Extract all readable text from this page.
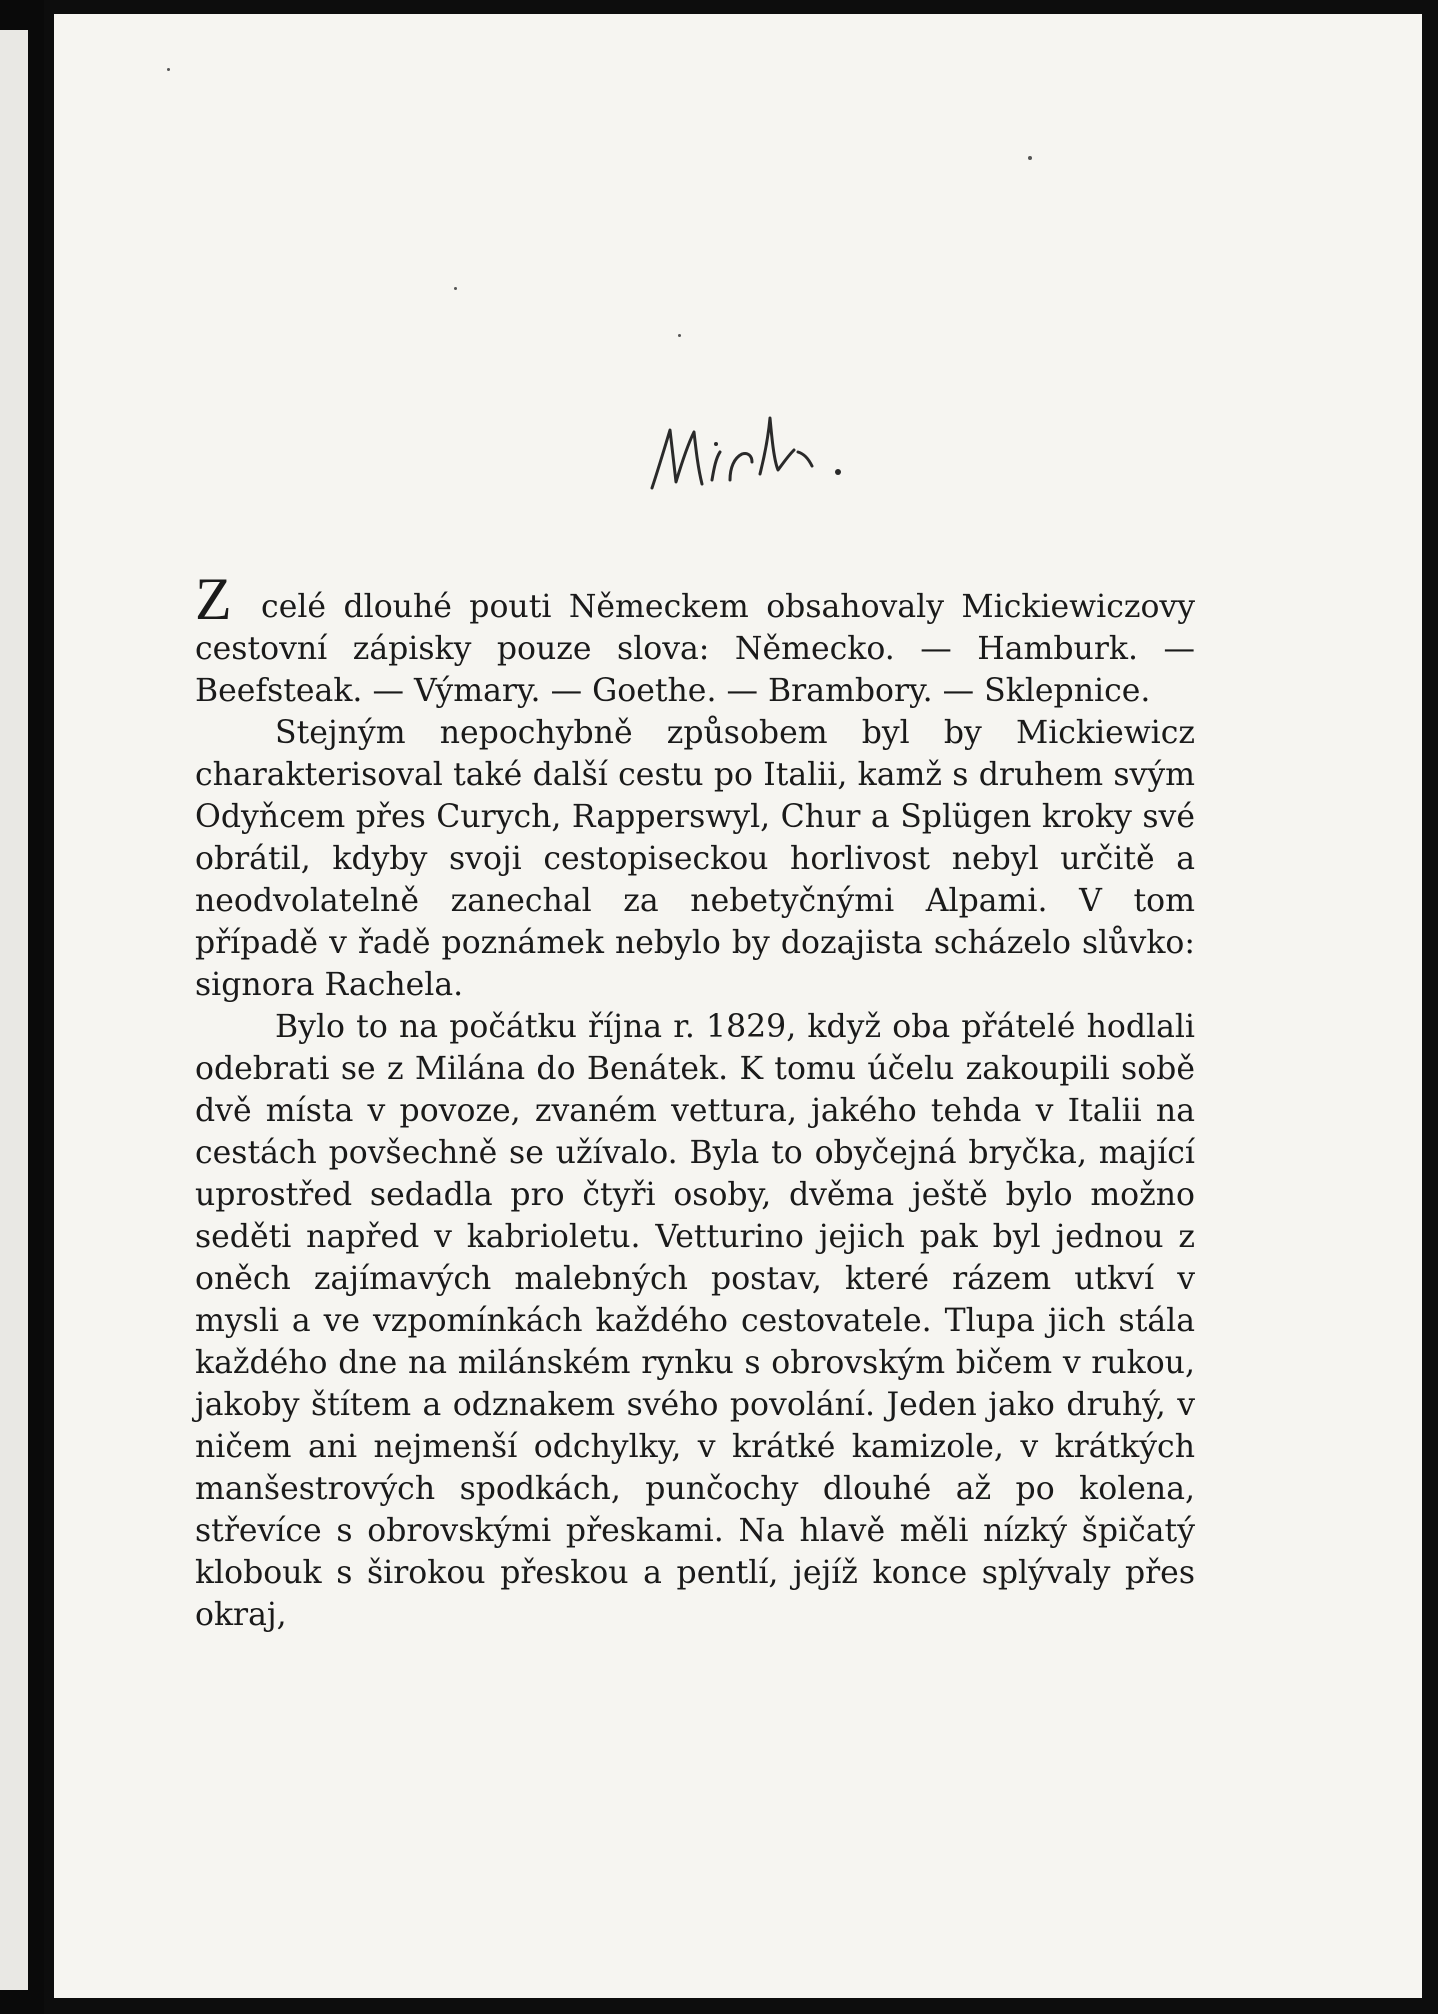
Z celé dlouhé pouti Německem obsahovaly Mickiewiczovy cestovní zápisky pouze slova: Německo. — Hamburk. — Beefsteak. — Výmary. — Goethe. — Brambory. — Sklepnice.

Stejným nepochybně způsobem byl by Mickiewicz charakterisoval také další cestu po Italii, kamž s druhem svým Odyňcem přes Curych, Rapperswyl, Chur a Splügen kroky své obrátil, kdyby svoji cestopiseckou horlivost nebyl určitě a neodvolatelně zanechal za nebetyčnými Alpami. V tom případě v řadě poznámek nebylo by dozajista scházelo slůvko: signora Rachela.

Bylo to na počátku října r. 1829, když oba přátelé hodlali odebrati se z Milána do Benátek. K tomu účelu zakoupili sobě dvě místa v povoze, zvaném vettura, jakého tehda v Italii na cestách povšechně se užívalo. Byla to obyčejná bryčka, mající uprostřed sedadla pro čtyři osoby, dvěma ještě bylo možno seděti napřed v kabrioletu. Vetturino jejich pak byl jednou z oněch zajímavých malebných postav, které rázem utkví v mysli a ve vzpomínkách každého cestovatele. Tlupa jich stála každého dne na milánském rynku s obrovským bičem v rukou, jakoby štítem a odznakem svého povolání. Jeden jako druhý, v ničem ani nejmenší odchylky, v krátké kamizole, v krátkých manšestrových spodkách, punčochy dlouhé až po kolena, střevíce s obrovskými přeskami. Na hlavě měli nízký špičatý klobouk s širokou přeskou a pentlí, jejíž konce splývaly přes okraj,
